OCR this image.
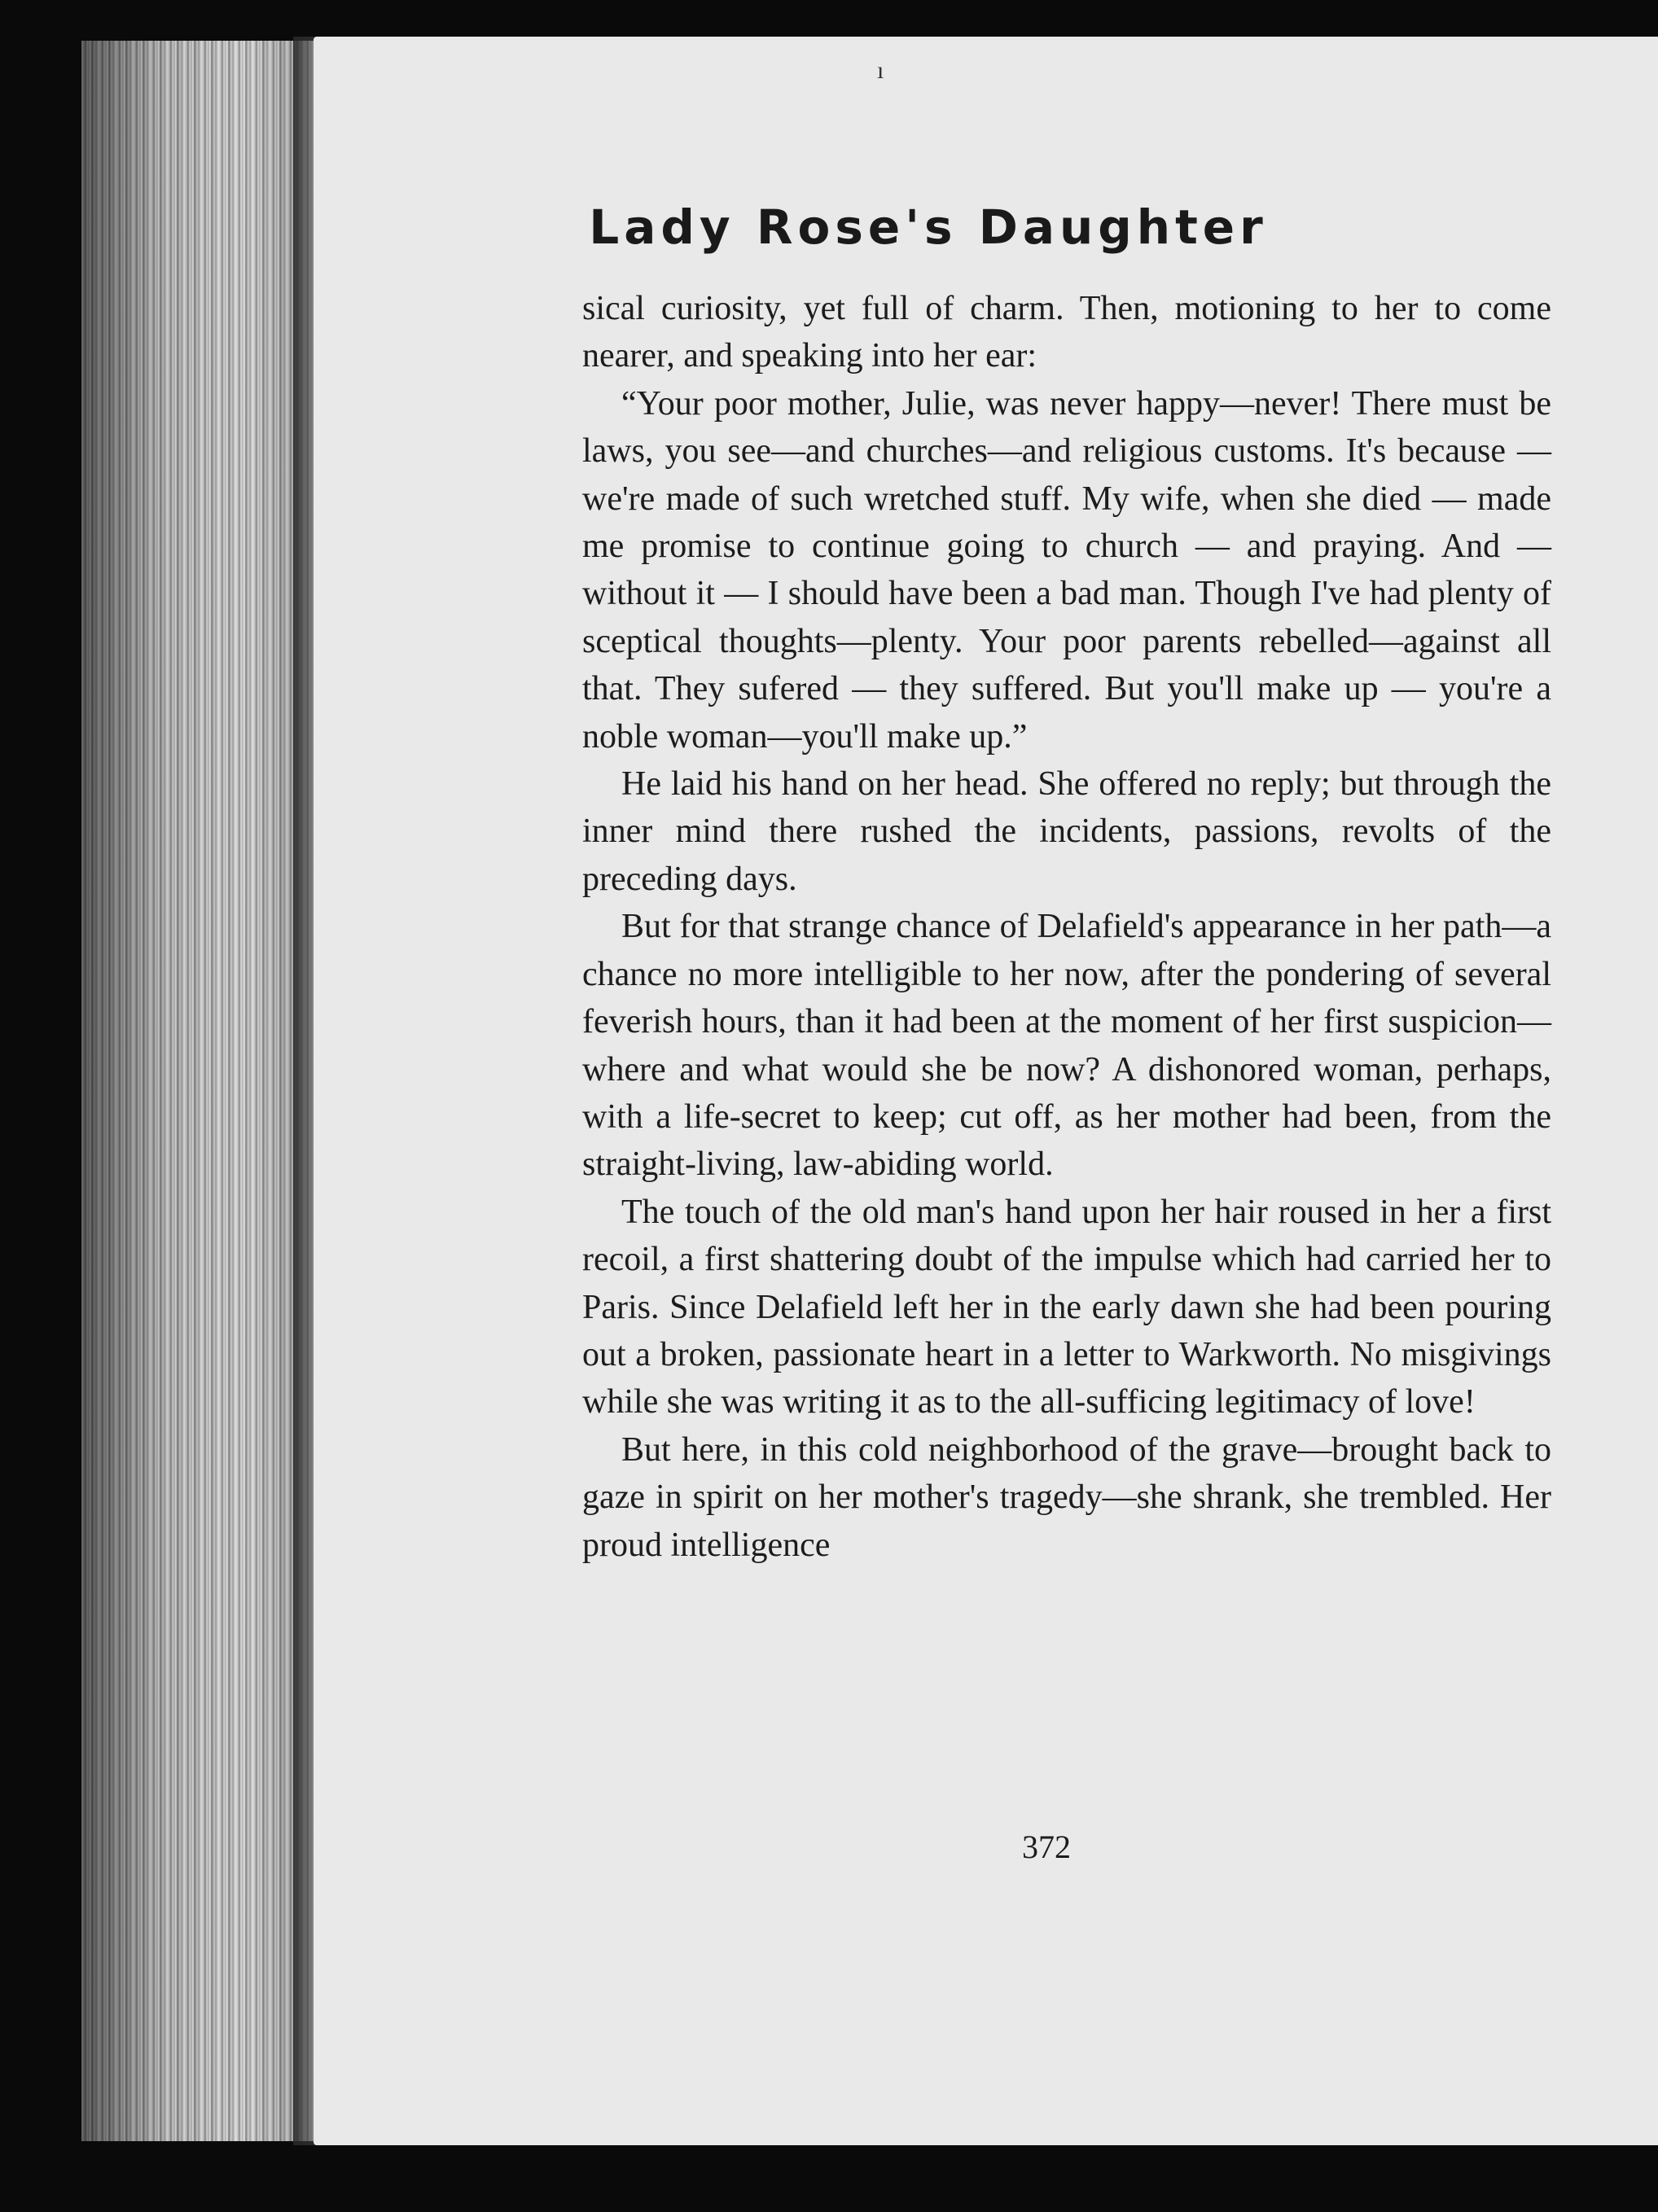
ı
Lady Rose's Daughter

sical curiosity, yet full of charm. Then, motioning to her to come nearer, and speaking into her ear:

“Your poor mother, Julie, was never happy—never! There must be laws, you see—and churches—and religious customs. It's because — we're made of such wretched stuff. My wife, when she died — made me promise to continue going to church — and praying. And — without it — I should have been a bad man. Though I've had plenty of sceptical thoughts—plenty. Your poor parents rebelled—against all that. They sufered — they suffered. But you'll make up — you're a noble woman—you'll make up.”

He laid his hand on her head. She offered no reply; but through the inner mind there rushed the incidents, passions, revolts of the preceding days.

But for that strange chance of Delafield's appearance in her path—a chance no more intelligible to her now, after the pondering of several feverish hours, than it had been at the moment of her first suspicion—where and what would she be now? A dishonored woman, perhaps, with a life-secret to keep; cut off, as her mother had been, from the straight-living, law-abiding world.

The touch of the old man's hand upon her hair roused in her a first recoil, a first shattering doubt of the impulse which had carried her to Paris. Since Delafield left her in the early dawn she had been pouring out a broken, passionate heart in a letter to Warkworth. No misgivings while she was writing it as to the all-sufficing legitimacy of love!

But here, in this cold neighborhood of the grave—brought back to gaze in spirit on her mother's tragedy—she shrank, she trembled. Her proud intelligence

372
